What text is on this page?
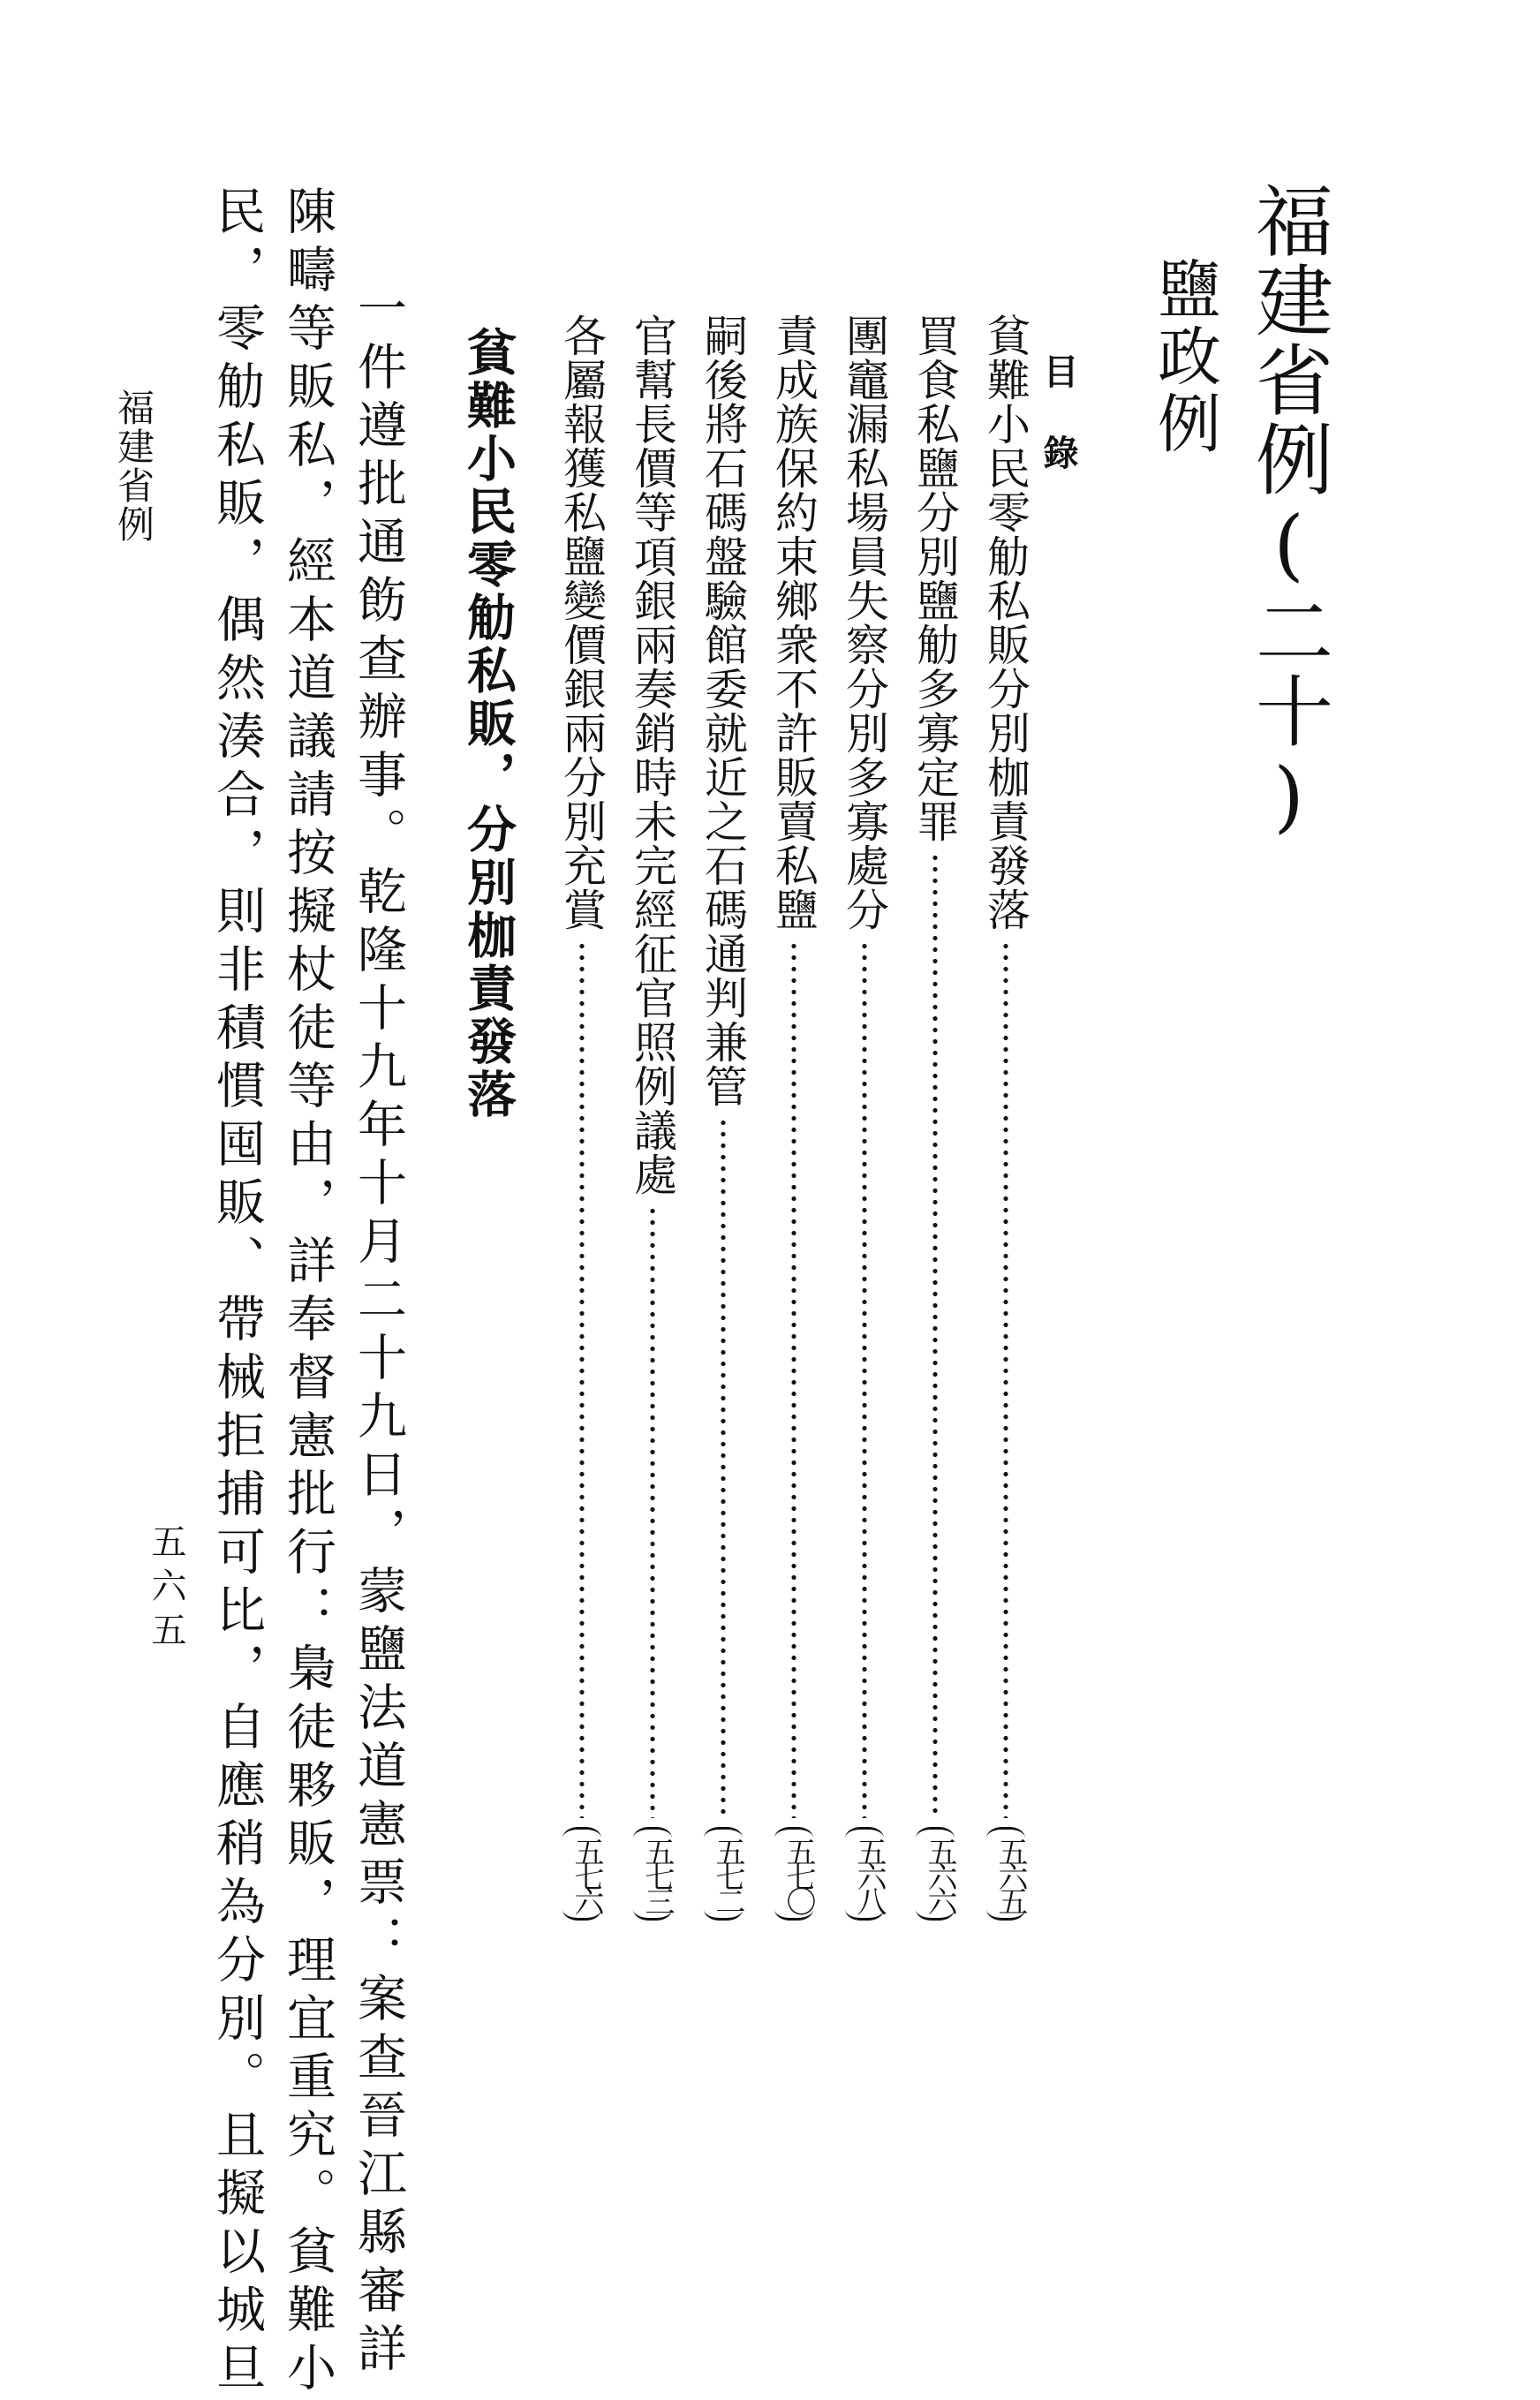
福建省例(二十)
鹽政例
目錄
貧難小民零觔私販分別枷責發落
五六五
買食私鹽分別鹽觔多寡定罪
五六六
團竈漏私場員失察分別多寡處分
五六八
責成族保約束鄉衆不許販賣私鹽
五七〇
嗣後將石碼盤驗館委就近之石碼通判兼管
五七二
官幫長價等項銀兩奏銷時未完經征官照例議處
五七三
各屬報獲私鹽變價銀兩分別充賞
五七六
貧難小民零觔私販，分別枷責發落
一件遵批通飭查辦事。乾隆十九年十月二十九日，蒙鹽法道憲票：案查晉江縣審詳
陳疇等販私，經本道議請按擬杖徒等由，詳奉督憲批行：梟徒夥販，理宜重究。貧難小
民，零觔私販，偶然湊合，則非積慣囤販、帶械拒捕可比，自應稍為分別。且擬以城旦
福建省例
五六五
